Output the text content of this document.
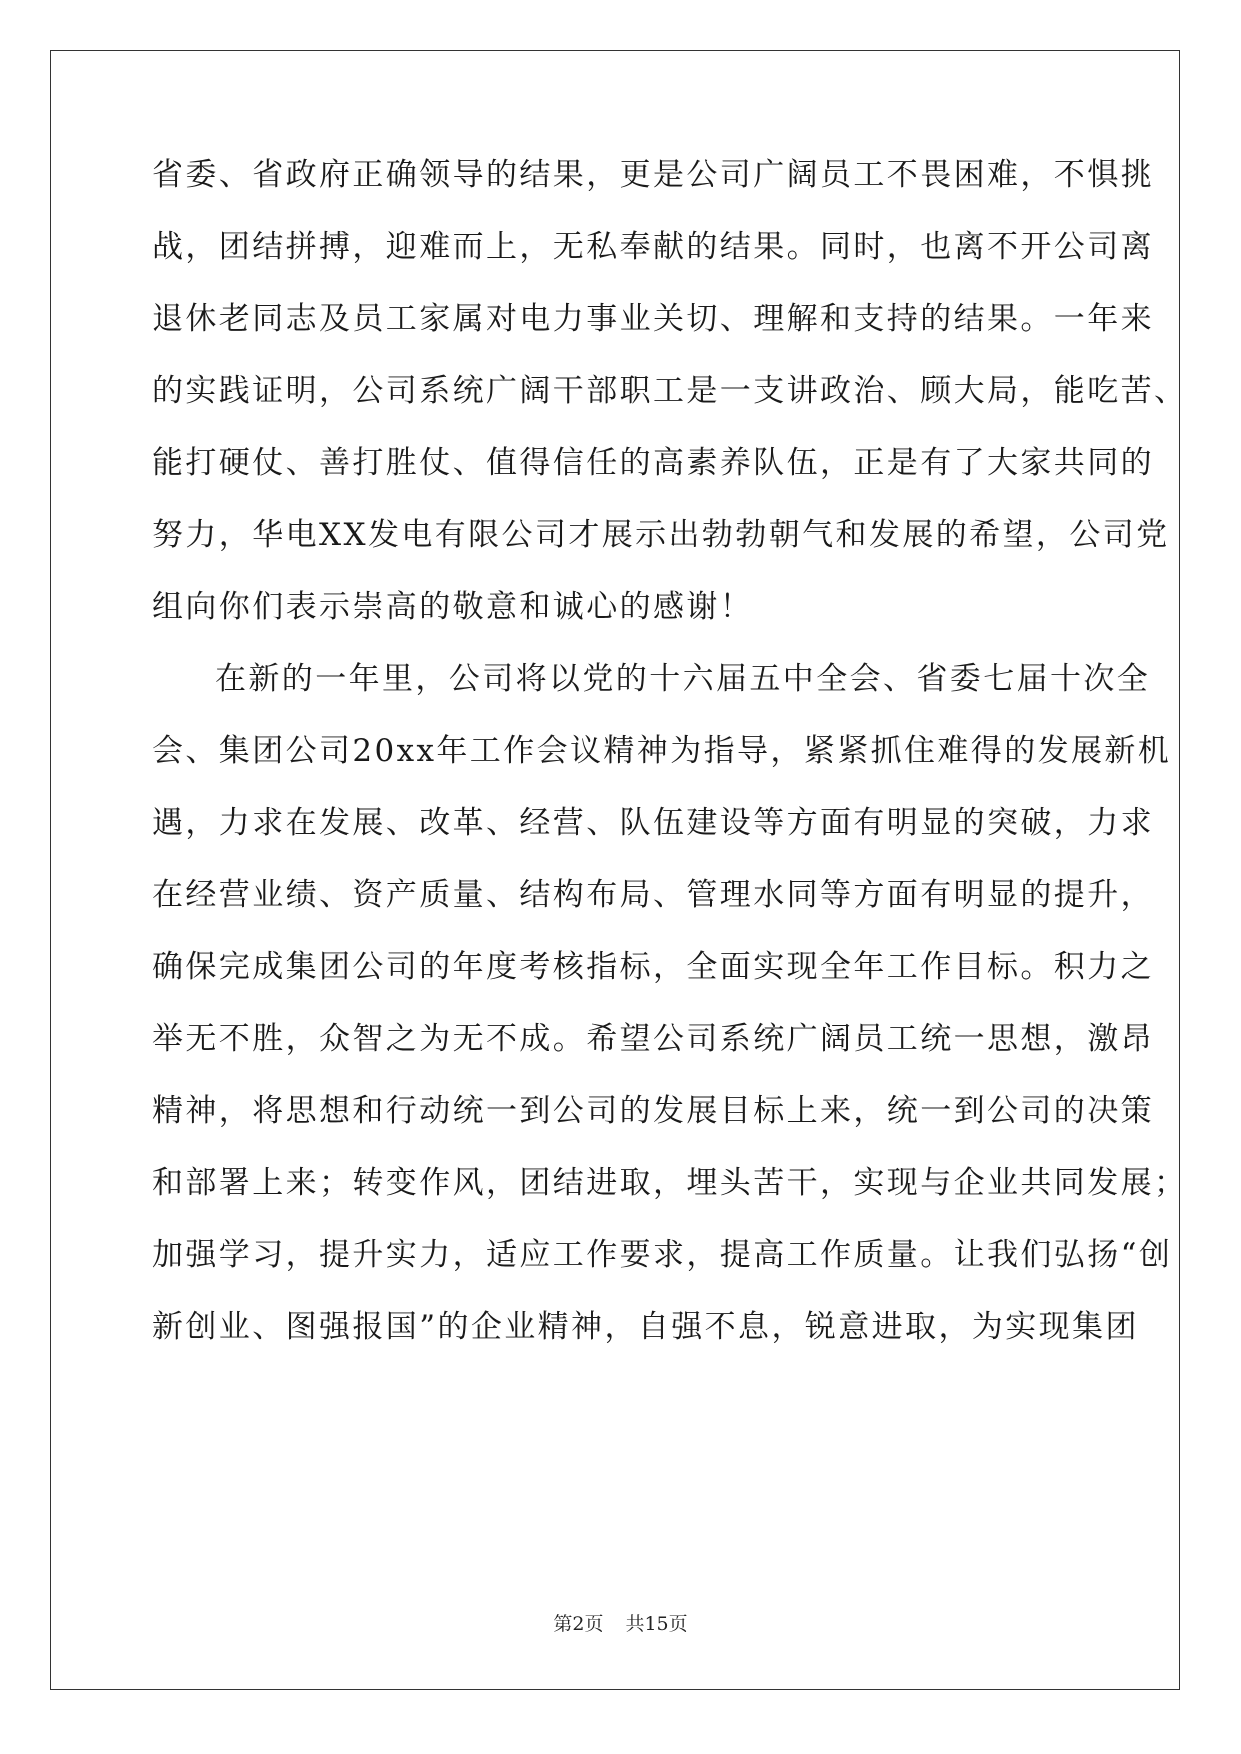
省委、省政府正确领导的结果，更是公司广阔员工不畏困难，不惧挑
战，团结拼搏，迎难而上，无私奉献的结果。同时，也离不开公司离
退休老同志及员工家属对电力事业关切、理解和支持的结果。一年来
的实践证明，公司系统广阔干部职工是一支讲政治、顾大局，能吃苦、
能打硬仗、善打胜仗、值得信任的高素养队伍，正是有了大家共同的
努力，华电XX发电有限公司才展示出勃勃朝气和发展的希望，公司党
组向你们表示崇高的敬意和诚心的感谢！
在新的一年里，公司将以党的十六届五中全会、省委七届十次全
会、集团公司20xx年工作会议精神为指导，紧紧抓住难得的发展新机
遇，力求在发展、改革、经营、队伍建设等方面有明显的突破，力求
在经营业绩、资产质量、结构布局、管理水同等方面有明显的提升，
确保完成集团公司的年度考核指标，全面实现全年工作目标。积力之
举无不胜，众智之为无不成。希望公司系统广阔员工统一思想，激昂
精神，将思想和行动统一到公司的发展目标上来，统一到公司的决策
和部署上来；转变作风，团结进取，埋头苦干，实现与企业共同发展；
加强学习，提升实力，适应工作要求，提高工作质量。让我们弘扬“创
新创业、图强报国”的企业精神，自强不息，锐意进取，为实现集团
第2页 共15页
